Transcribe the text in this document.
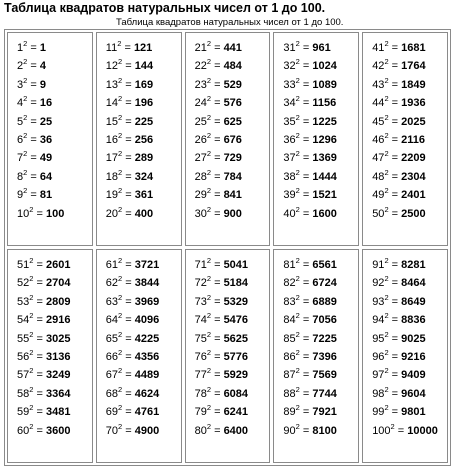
Таблица квадратов натуральных чисел от 1 до 100.
Таблица квадратов натуральных чисел от 1 до 100.
$1^2 = 1$
$2^2 = 4$
$3^2 = 9$
$4^2 = 16$
$5^2 = 25$
$6^2 = 36$
$7^2 = 49$
$8^2 = 64$
$9^2 = 81$
$10^2 = 100$
$11^2 = 121$
$12^2 = 144$
$13^2 = 169$
$14^2 = 196$
$15^2 = 225$
$16^2 = 256$
$17^2 = 289$
$18^2 = 324$
$19^2 = 361$
$20^2 = 400$
$21^2 = 441$
$22^2 = 484$
$23^2 = 529$
$24^2 = 576$
$25^2 = 625$
$26^2 = 676$
$27^2 = 729$
$28^2 = 784$
$29^2 = 841$
$30^2 = 900$
$31^2 = 961$
$32^2 = 1024$
$33^2 = 1089$
$34^2 = 1156$
$35^2 = 1225$
$36^2 = 1296$
$37^2 = 1369$
$38^2 = 1444$
$39^2 = 1521$
$40^2 = 1600$
$41^2 = 1681$
$42^2 = 1764$
$43^2 = 1849$
$44^2 = 1936$
$45^2 = 2025$
$46^2 = 2116$
$47^2 = 2209$
$48^2 = 2304$
$49^2 = 2401$
$50^2 = 2500$
$51^2 = 2601$
$52^2 = 2704$
$53^2 = 2809$
$54^2 = 2916$
$55^2 = 3025$
$56^2 = 3136$
$57^2 = 3249$
$58^2 = 3364$
$59^2 = 3481$
$60^2 = 3600$
$61^2 = 3721$
$62^2 = 3844$
$63^2 = 3969$
$64^2 = 4096$
$65^2 = 4225$
$66^2 = 4356$
$67^2 = 4489$
$68^2 = 4624$
$69^2 = 4761$
$70^2 = 4900$
$71^2 = 5041$
$72^2 = 5184$
$73^2 = 5329$
$74^2 = 5476$
$75^2 = 5625$
$76^2 = 5776$
$77^2 = 5929$
$78^2 = 6084$
$79^2 = 6241$
$80^2 = 6400$
$81^2 = 6561$
$82^2 = 6724$
$83^2 = 6889$
$84^2 = 7056$
$85^2 = 7225$
$86^2 = 7396$
$87^2 = 7569$
$88^2 = 7744$
$89^2 = 7921$
$90^2 = 8100$
$91^2 = 8281$
$92^2 = 8464$
$93^2 = 8649$
$94^2 = 8836$
$95^2 = 9025$
$96^2 = 9216$
$97^2 = 9409$
$98^2 = 9604$
$99^2 = 9801$
$100^2 = 10000$
